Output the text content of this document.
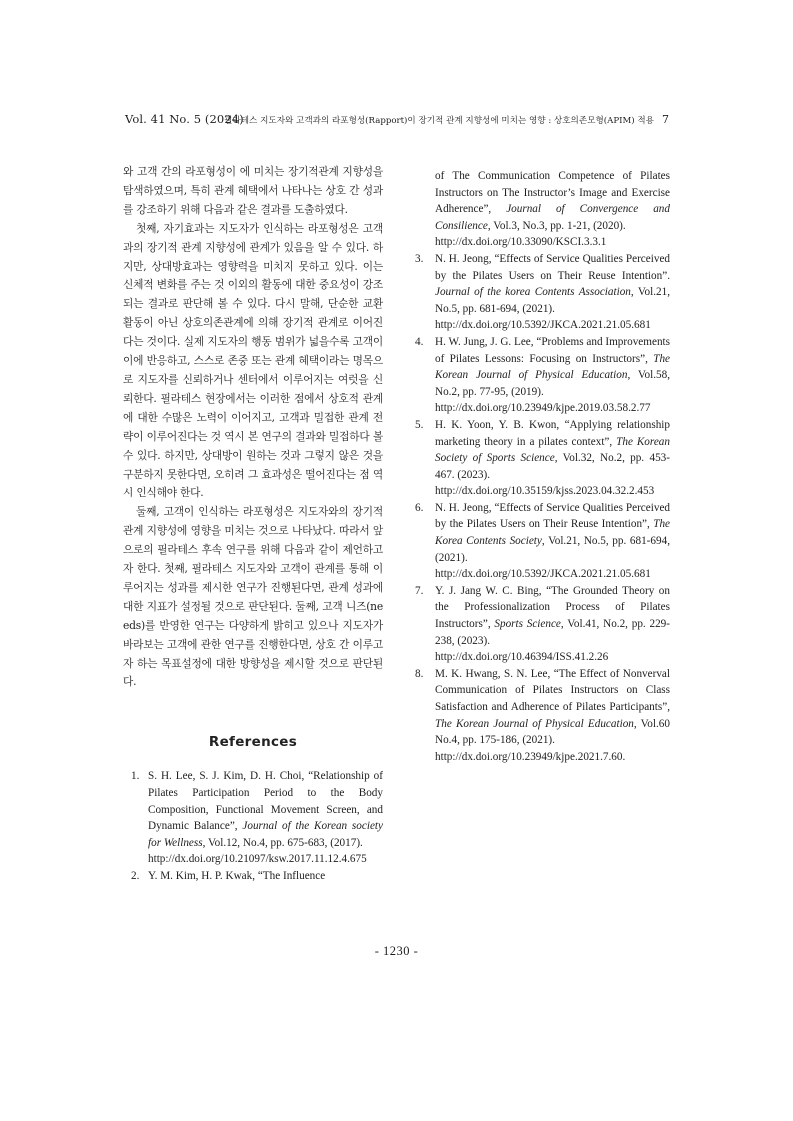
Vol. 41 No. 5 (2024)
필라테스 지도자와 고객과의 라포형성(Rapport)이 장기적 관계 지향성에 미치는 영향 : 상호의존모형(APIM) 적용 7

와 고객 간의 라포형성이 에 미치는 장기적관계 지향성을 탐색하였으며, 특히 관계 혜택에서 나타나는 상호 간 성과를 강조하기 위해 다음과 같은 결과를 도출하였다.

첫째, 자기효과는 지도자가 인식하는 라포형성은 고객과의 장기적 관계 지향성에 관계가 있음을 알 수 있다. 하지만, 상대방효과는 영향력을 미치지 못하고 있다. 이는 신체적 변화를 주는 것 이외의 활동에 대한 중요성이 강조되는 결과로 판단해 볼 수 있다. 다시 말해, 단순한 교환 활동이 아닌 상호의존관계에 의해 장기적 관계로 이어진다는 것이다. 실제 지도자의 행동 범위가 넓을수록 고객이 이에 반응하고, 스스로 존중 또는 관계 혜택이라는 명목으로 지도자를 신뢰하거나 센터에서 이루어지는 여럿을 신뢰한다. 필라테스 현장에서는 이러한 점에서 상호적 관계에 대한 수많은 노력이 이어지고, 고객과 밀접한 관계 전략이 이루어진다는 것 역시 본 연구의 결과와 밀접하다 볼 수 있다. 하지만, 상대방이 원하는 것과 그렇지 않은 것을 구분하지 못한다면, 오히려 그 효과성은 떨어진다는 점 역시 인식해야 한다.

둘째, 고객이 인식하는 라포형성은 지도자와의 장기적 관계 지향성에 영향을 미치는 것으로 나타났다. 따라서 앞으로의 필라테스 후속 연구를 위해 다음과 같이 제언하고자 한다. 첫째, 필라테스 지도자와 고객이 관계를 통해 이루어지는 성과를 제시한 연구가 진행된다면, 관계 성과에 대한 지표가 설정될 것으로 판단된다. 둘째, 고객 니즈(needs)를 반영한 연구는 다양하게 밝히고 있으나 지도자가 바라보는 고객에 관한 연구를 진행한다면, 상호 간 이루고자 하는 목표설정에 대한 방향성을 제시할 것으로 판단된다.

References
1. S. H. Lee, S. J. Kim, D. H. Choi, “Relationship of Pilates Participation Period to the Body Composition, Functional Movement Screen, and Dynamic Balance”, Journal of the Korean society for Wellness, Vol.12, No.4, pp. 675-683, (2017).
http://dx.doi.org/10.21097/ksw.2017.11.12.4.675
2. Y. M. Kim, H. P. Kwak, “The Influence
of The Communication Competence of Pilates Instructors on The Instructor’s Image and Exercise Adherence”, Journal of Convergence and Consilience, Vol.3, No.3, pp. 1-21, (2020).
http://dx.doi.org/10.33090/KSCI.3.3.1
3. N. H. Jeong, “Effects of Service Qualities Perceived by the Pilates Users on Their Reuse Intention”. Journal of the korea Contents Association, Vol.21, No.5, pp. 681-694, (2021).
http://dx.doi.org/10.5392/JKCA.2021.21.05.681
4. H. W. Jung, J. G. Lee, “Problems and Improvements of Pilates Lessons: Focusing on Instructors”, The Korean Journal of Physical Education, Vol.58, No.2, pp. 77-95, (2019).
http://dx.doi.org/10.23949/kjpe.2019.03.58.2.77
5. H. K. Yoon, Y. B. Kwon, “Applying relationship marketing theory in a pilates context”, The Korean Society of Sports Science, Vol.32, No.2, pp. 453-467. (2023).
http://dx.doi.org/10.35159/kjss.2023.04.32.2.453
6. N. H. Jeong, “Effects of Service Qualities Perceived by the Pilates Users on Their Reuse Intention”, The Korea Contents Society, Vol.21, No.5, pp. 681-694, (2021).
http://dx.doi.org/10.5392/JKCA.2021.21.05.681
7. Y. J. Jang W. C. Bing, “The Grounded Theory on the Professionalization Process of Pilates Instructors”, Sports Science, Vol.41, No.2, pp. 229-238, (2023).
http://dx.doi.org/10.46394/ISS.41.2.26
8. M. K. Hwang, S. N. Lee, “The Effect of Nonverval Communication of Pilates Instructors on Class Satisfaction and Adherence of Pilates Participants”, The Korean Journal of Physical Education, Vol.60 No.4, pp. 175-186, (2021).
http://dx.doi.org/10.23949/kjpe.2021.7.60.
- 1230 -
